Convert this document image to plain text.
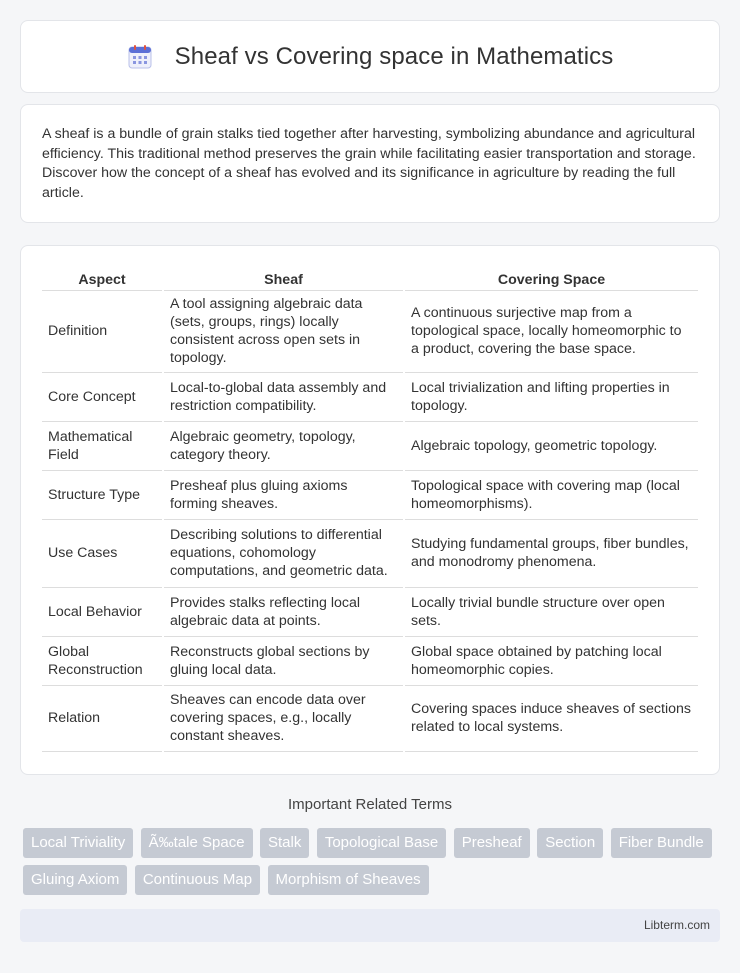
Sheaf vs Covering space in Mathematics

A sheaf is a bundle of grain stalks tied together after harvesting, symbolizing abundance and agricultural efficiency. This traditional method preserves the grain while facilitating easier transportation and storage. Discover how the concept of a sheaf has evolved and its significance in agriculture by reading the full article.

Aspect	Sheaf	Covering Space
Definition	A tool assigning algebraic data (sets, groups, rings) locally consistent across open sets in topology.	A continuous surjective map from a topological space, locally homeomorphic to a product, covering the base space.
Core Concept	Local-to-global data assembly and restriction compatibility.	Local trivialization and lifting properties in topology.
Mathematical Field	Algebraic geometry, topology, category theory.	Algebraic topology, geometric topology.
Structure Type	Presheaf plus gluing axioms forming sheaves.	Topological space with covering map (local homeomorphisms).
Use Cases	Describing solutions to differential equations, cohomology computations, and geometric data.	Studying fundamental groups, fiber bundles, and monodromy phenomena.
Local Behavior	Provides stalks reflecting local algebraic data at points.	Locally trivial bundle structure over open sets.
Global Reconstruction	Reconstructs global sections by gluing local data.	Global space obtained by patching local homeomorphic copies.
Relation	Sheaves can encode data over covering spaces, e.g., locally constant sheaves.	Covering spaces induce sheaves of sections related to local systems.
Important Related Terms
Local Triviality Ã‰tale Space Stalk Topological Base Presheaf Section Fiber Bundle Gluing Axiom Continuous Map Morphism of Sheaves
Libterm.com
